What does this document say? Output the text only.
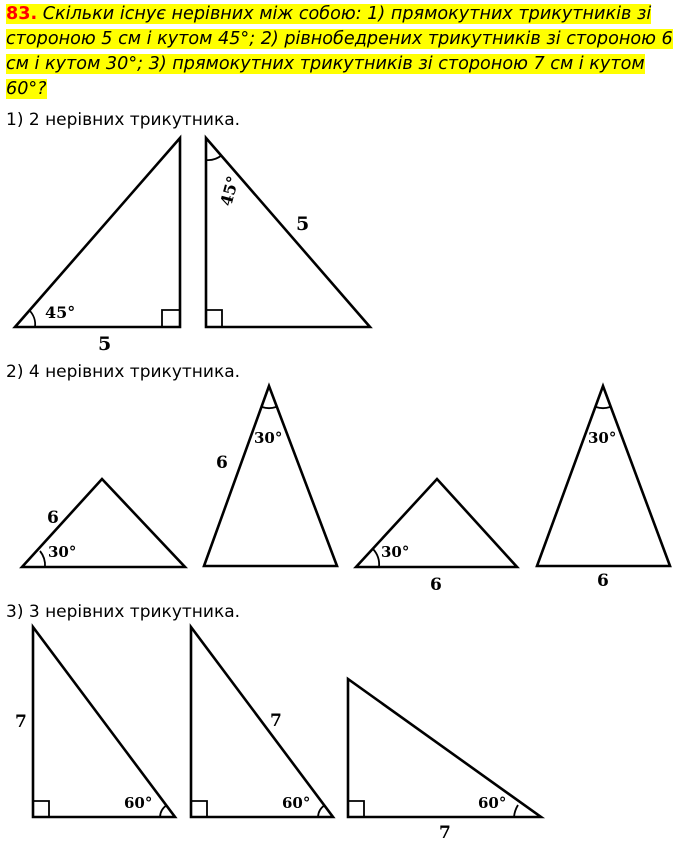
83. Скільки існує нерівних між собою: 1) прямокутних трикутників зі стороною 5 см і кутом 45°; 2) рівнобедрених трикутників зі стороною 6 см і кутом 30°; 3) прямокутних трикутників зі стороною 7 см і кутом 60°?
1) 2 нерівних трикутника.
2) 4 нерівних трикутника.
3) 3 нерівних трикутника.
45°
5
45°
5
6
30°
6
30°
30°
6
30°
6
7
60°
7
60°	60°
7
